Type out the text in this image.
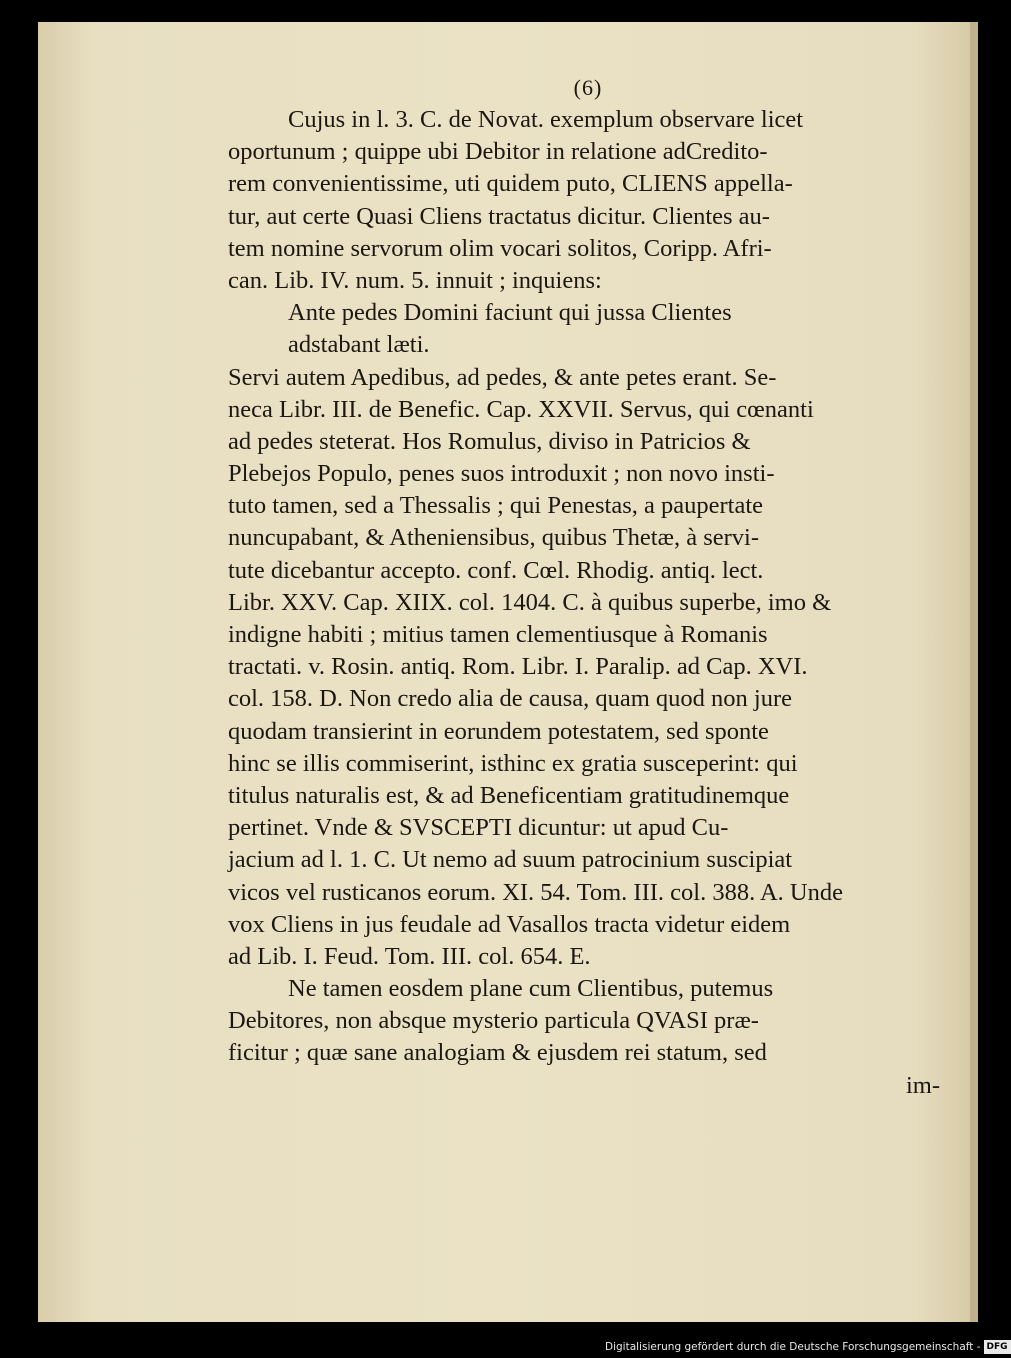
(6)
Cujus in l. 3. C. de Novat. exemplum observare licet
oportunum ; quippe ubi Debitor in relatione adCredito-
rem convenientissime, uti quidem puto, CLIENS appella-
tur, aut certe Quasi Cliens tractatus dicitur. Clientes au-
tem nomine servorum olim vocari solitos, Coripp. Afri-
can. Lib. IV. num. 5. innuit ; inquiens:
Ante pedes Domini faciunt qui jussa Clientes
adstabant læti.
Servi autem Apedibus, ad pedes, & ante petes erant. Se-
neca Libr. III. de Benefic. Cap. XXVII. Servus, qui cœnanti
ad pedes steterat. Hos Romulus, diviso in Patricios &
Plebejos Populo, penes suos introduxit ; non novo insti-
tuto tamen, sed a Thessalis ; qui Penestas, a paupertate
nuncupabant, & Atheniensibus, quibus Thetæ, à servi-
tute dicebantur accepto. conf. Cœl. Rhodig. antiq. lect.
Libr. XXV. Cap. XIIX. col. 1404. C. à quibus superbe, imo &
indigne habiti ; mitius tamen clementiusque à Romanis
tractati. v. Rosin. antiq. Rom. Libr. I. Paralip. ad Cap. XVI.
col. 158. D. Non credo alia de causa, quam quod non jure
quodam transierint in eorundem potestatem, sed sponte
hinc se illis commiserint, isthinc ex gratia susceperint: qui
titulus naturalis est, & ad Beneficentiam gratitudinemque
pertinet. Vnde & SVSCEPTI dicuntur: ut apud Cu-
jacium ad l. 1. C. Ut nemo ad suum patrocinium suscipiat
vicos vel rusticanos eorum. XI. 54. Tom. III. col. 388. A. Unde
vox Cliens in jus feudale ad Vasallos tracta videtur eidem
ad Lib. I. Feud. Tom. III. col. 654. E.
Ne tamen eosdem plane cum Clientibus, putemus
Debitores, non absque mysterio particula QVASI præ-
ficitur ; quæ sane analogiam & ejusdem rei statum, sed
im-
Digitalisierung gefördert durch die Deutsche Forschungsgemeinschaft - DFG
